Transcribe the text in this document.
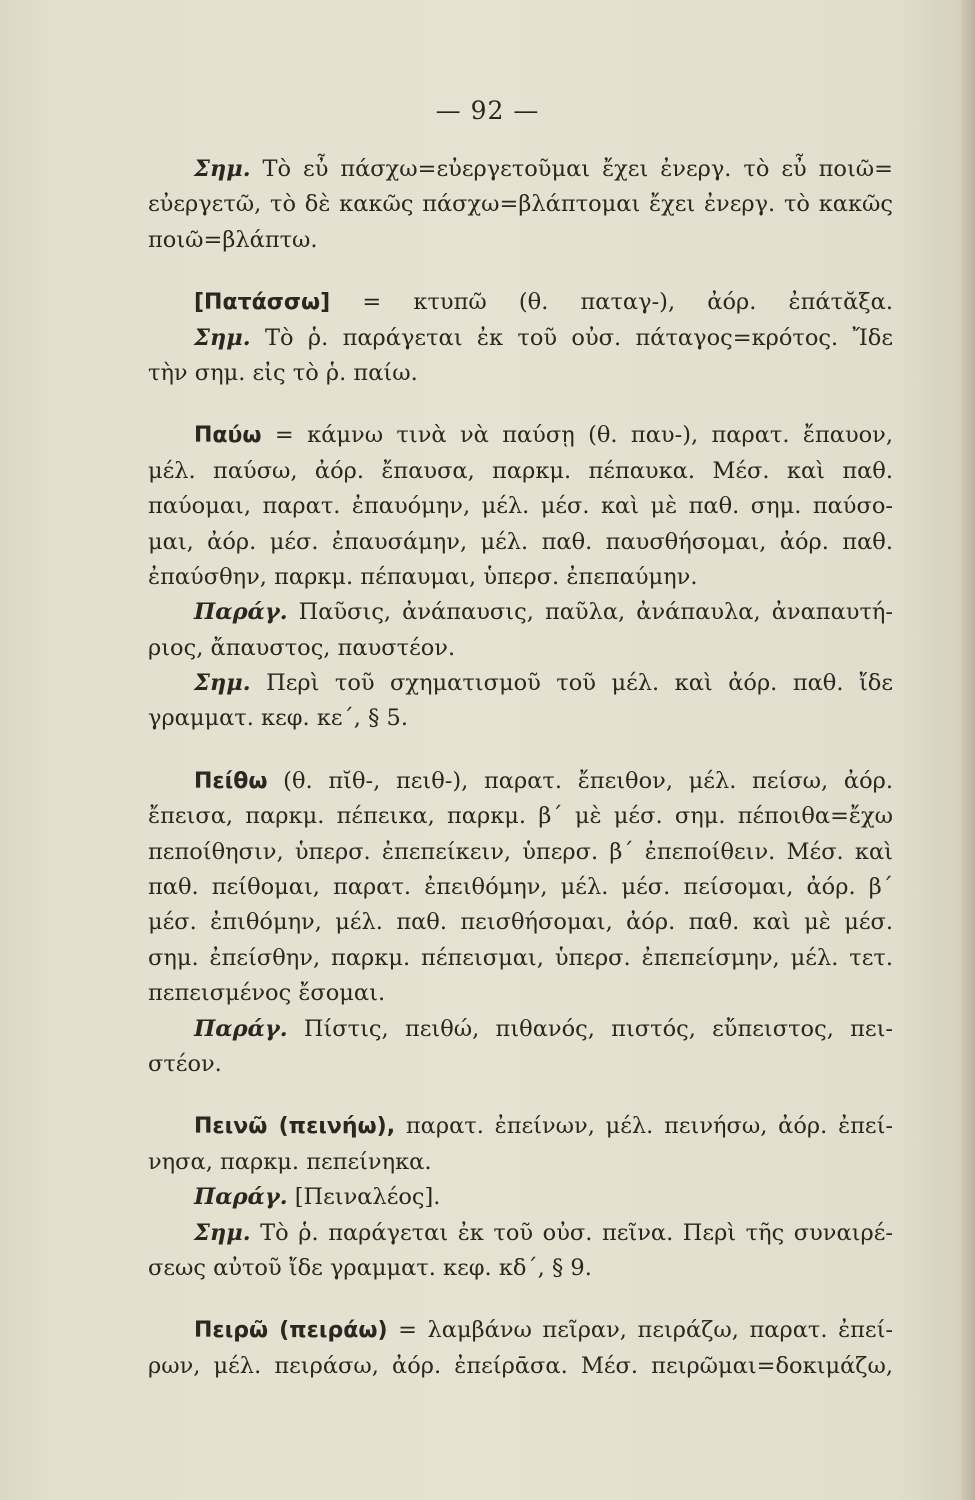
— 92 —
Σημ. Τὸ εὖ πάσχω=εὐεργετοῦμαι ἔχει ἐνεργ. τὸ εὖ ποιῶ=
εὐεργετῶ, τὸ δὲ κακῶς πάσχω=βλάπτομαι ἔχει ἐνεργ. τὸ κακῶς
ποιῶ=βλάπτω.
[Πατάσσω] = κτυπῶ (θ. παταγ-), ἀόρ. ἐπάτᾰξα.
Σημ. Τὸ ῥ. παράγεται ἐκ τοῦ οὐσ. πάταγος=κρότος. Ἴδε
τὴν σημ. εἰς τὸ ῥ. παίω.
Παύω = κάμνω τινὰ νὰ παύσῃ (θ. παυ-), παρατ. ἔπαυον,
μέλ. παύσω, ἀόρ. ἔπαυσα, παρκμ. πέπαυκα. Μέσ. καὶ παθ.
παύομαι, παρατ. ἐπαυόμην, μέλ. μέσ. καὶ μὲ παθ. σημ. παύσο-
μαι, ἀόρ. μέσ. ἐπαυσάμην, μέλ. παθ. παυσθήσομαι, ἀόρ. παθ.
ἐπαύσθην, παρκμ. πέπαυμαι, ὑπερσ. ἐπεπαύμην.
Παράγ. Παῦσις, ἀνάπαυσις, παῦλα, ἀνάπαυλα, ἀναπαυτή-
ριος, ἄπαυστος, παυστέον.
Σημ. Περὶ τοῦ σχηματισμοῦ τοῦ μέλ. καὶ ἀόρ. παθ. ἴδε
γραμματ. κεφ. κε΄, § 5.
Πείθω (θ. πῐθ-, πειθ-), παρατ. ἔπειθον, μέλ. πείσω, ἀόρ.
ἔπεισα, παρκμ. πέπεικα, παρκμ. β΄ μὲ μέσ. σημ. πέποιθα=ἔχω
πεποίθησιν, ὑπερσ. ἐπεπείκειν, ὑπερσ. β΄ ἐπεποίθειν. Μέσ. καὶ
παθ. πείθομαι, παρατ. ἐπειθόμην, μέλ. μέσ. πείσομαι, ἀόρ. β΄
μέσ. ἐπιθόμην, μέλ. παθ. πεισθήσομαι, ἀόρ. παθ. καὶ μὲ μέσ.
σημ. ἐπείσθην, παρκμ. πέπεισμαι, ὑπερσ. ἐπεπείσμην, μέλ. τετ.
πεπεισμένος ἔσομαι.
Παράγ. Πίστις, πειθώ, πιθανός, πιστός, εὔπειστος, πει-
στέον.
Πεινῶ (πεινήω), παρατ. ἐπείνων, μέλ. πεινήσω, ἀόρ. ἐπεί-
νησα, παρκμ. πεπείνηκα.
Παράγ. [Πειναλέος].
Σημ. Τὸ ῥ. παράγεται ἐκ τοῦ οὐσ. πεῖνα. Περὶ τῆς συναιρέ-
σεως αὐτοῦ ἴδε γραμματ. κεφ. κδ΄, § 9.
Πειρῶ (πειράω) = λαμβάνω πεῖραν, πειράζω, παρατ. ἐπεί-
ρων, μέλ. πειράσω, ἀόρ. ἐπείρᾱσα. Μέσ. πειρῶμαι=δοκιμάζω,
